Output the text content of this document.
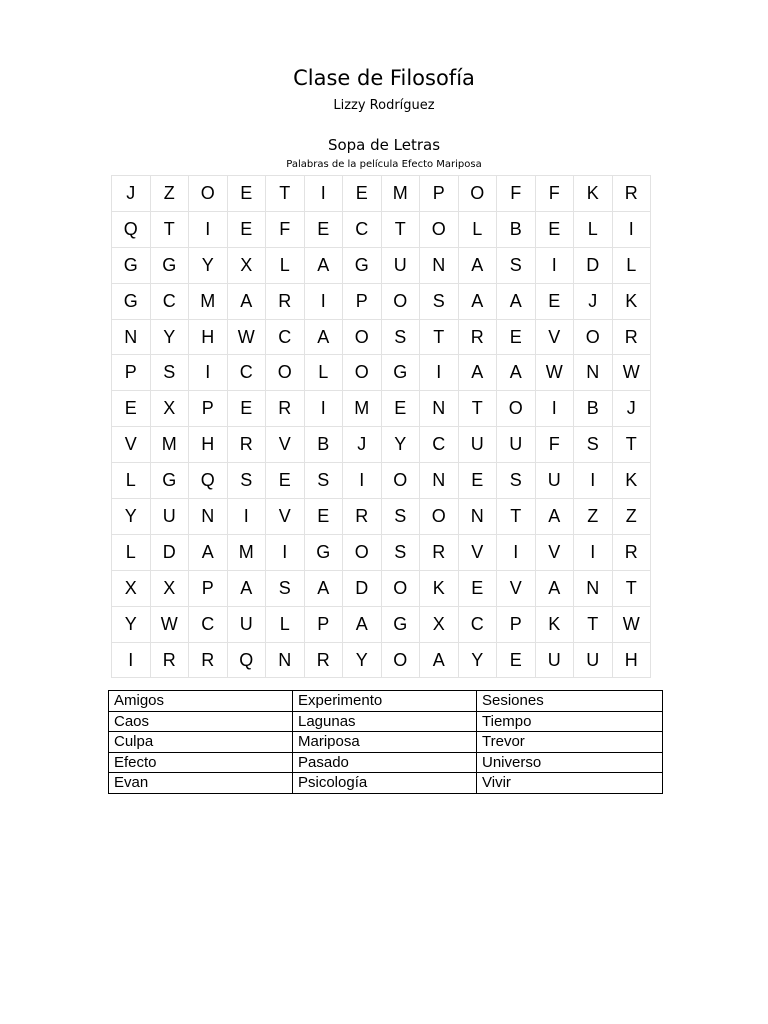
Clase de Filosofía
Lizzy Rodríguez
Sopa de Letras
Palabras de la película Efecto Mariposa
J	Z	O	E	T	I	E	M	P	O	F	F	K	R
Q	T	I	E	F	E	C	T	O	L	B	E	L	I
G	G	Y	X	L	A	G	U	N	A	S	I	D	L
G	C	M	A	R	I	P	O	S	A	A	E	J	K
N	Y	H	W	C	A	O	S	T	R	E	V	O	R
P	S	I	C	O	L	O	G	I	A	A	W	N	W
E	X	P	E	R	I	M	E	N	T	O	I	B	J
V	M	H	R	V	B	J	Y	C	U	U	F	S	T
L	G	Q	S	E	S	I	O	N	E	S	U	I	K
Y	U	N	I	V	E	R	S	O	N	T	A	Z	Z
L	D	A	M	I	G	O	S	R	V	I	V	I	R
X	X	P	A	S	A	D	O	K	E	V	A	N	T
Y	W	C	U	L	P	A	G	X	C	P	K	T	W
I	R	R	Q	N	R	Y	O	A	Y	E	U	U	H
Amigos	Experimento	Sesiones
Caos	Lagunas	Tiempo
Culpa	Mariposa	Trevor
Efecto	Pasado	Universo
Evan	Psicología	Vivir
